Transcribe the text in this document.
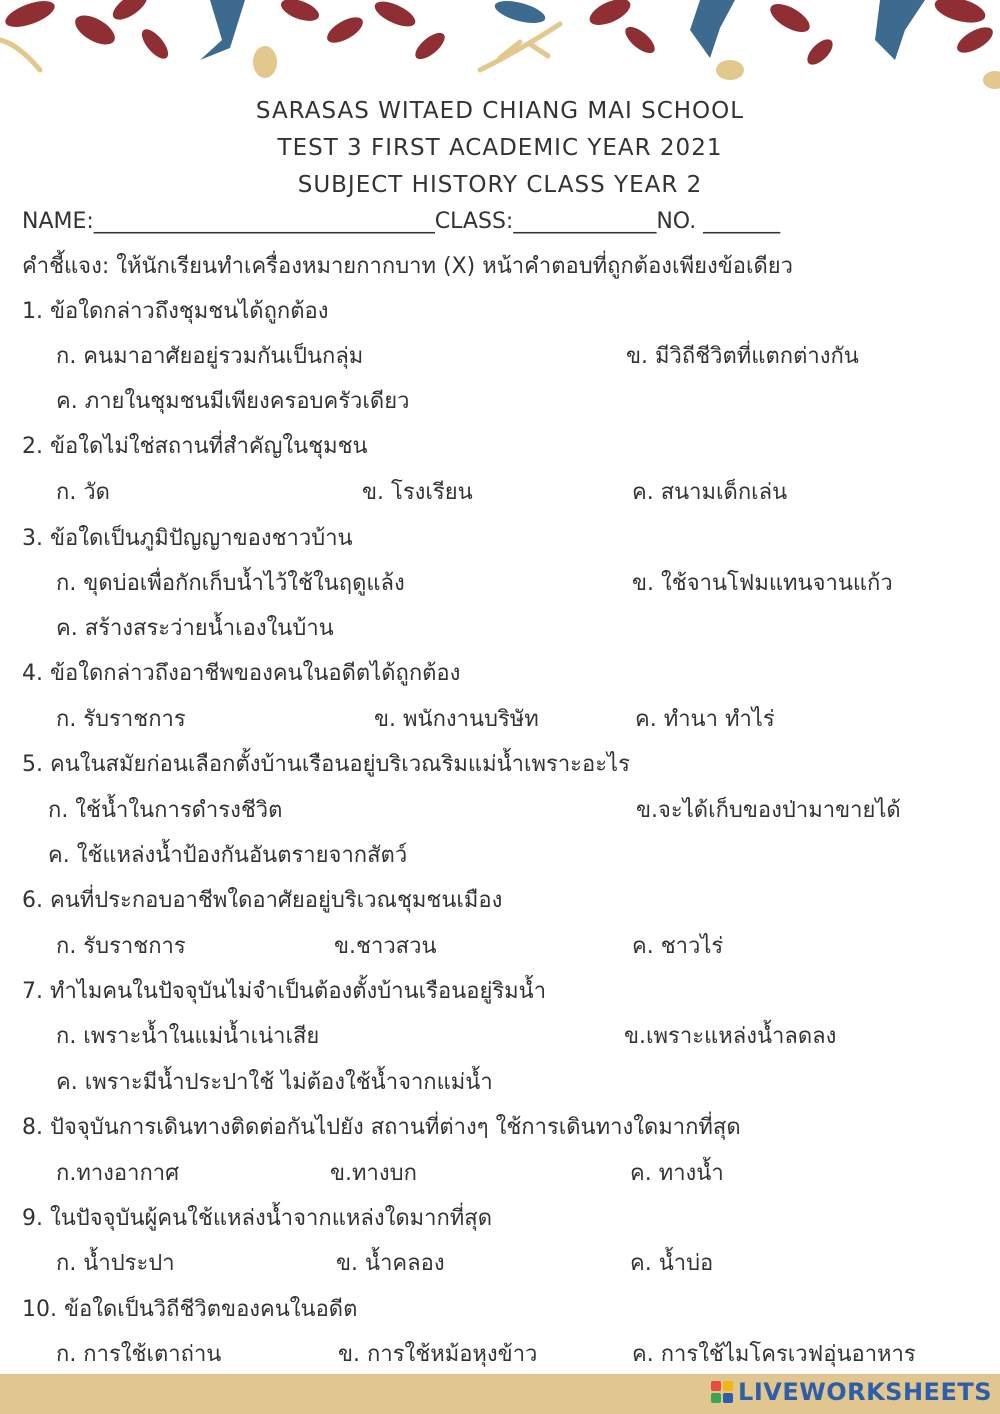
SARASAS WITAED CHIANG MAI SCHOOL
TEST 3 FIRST ACADEMIC YEAR 2021
SUBJECT HISTORY CLASS YEAR 2
NAME:_______________________________CLASS:_____________NO. _______
คำชี้แจง: ให้นักเรียนทำเครื่องหมายกากบาท (X) หน้าคำตอบที่ถูกต้องเพียงข้อเดียว
1. ข้อใดกล่าวถึงชุมชนได้ถูกต้อง
ก. คนมาอาศัยอยู่รวมกันเป็นกลุ่ม	ข. มีวิถีชีวิตที่แตกต่างกัน
ค. ภายในชุมชนมีเพียงครอบครัวเดียว
2. ข้อใดไม่ใช่สถานที่สำคัญในชุมชน
ก. วัด	ข. โรงเรียน	ค. สนามเด็กเล่น
3. ข้อใดเป็นภูมิปัญญาของชาวบ้าน
ก. ขุดบ่อเพื่อกักเก็บน้ำไว้ใช้ในฤดูแล้ง	ข. ใช้จานโฟมแทนจานแก้ว
ค. สร้างสระว่ายน้ำเองในบ้าน
4. ข้อใดกล่าวถึงอาชีพของคนในอดีตได้ถูกต้อง
ก. รับราชการ	ข. พนักงานบริษัท	ค. ทำนา ทำไร่
5. คนในสมัยก่อนเลือกตั้งบ้านเรือนอยู่บริเวณริมแม่น้ำเพราะอะไร
ก. ใช้น้ำในการดำรงชีวิต	ข.จะได้เก็บของป่ามาขายได้
ค. ใช้แหล่งน้ำป้องกันอันตรายจากสัตว์
6. คนที่ประกอบอาชีพใดอาศัยอยู่บริเวณชุมชนเมือง
ก. รับราชการ	ข.ชาวสวน	ค. ชาวไร่
7. ทำไมคนในปัจจุบันไม่จำเป็นต้องตั้งบ้านเรือนอยู่ริมน้ำ
ก. เพราะน้ำในแม่น้ำเน่าเสีย	ข.เพราะแหล่งน้ำลดลง
ค. เพราะมีน้ำประปาใช้ ไม่ต้องใช้น้ำจากแม่น้ำ
8. ปัจจุบันการเดินทางติดต่อกันไปยัง สถานที่ต่างๆ ใช้การเดินทางใดมากที่สุด
ก.ทางอากาศ	ข.ทางบก	ค. ทางน้ำ
9. ในปัจจุบันผู้คนใช้แหล่งน้ำจากแหล่งใดมากที่สุด
ก. น้ำประปา	ข. น้ำคลอง	ค. น้ำบ่อ
10. ข้อใดเป็นวิถีชีวิตของคนในอดีต
ก. การใช้เตาถ่าน	ข. การใช้หม้อหุงข้าว	ค. การใช้ไมโครเวฟอุ่นอาหาร
LIVEWORKSHEETS
